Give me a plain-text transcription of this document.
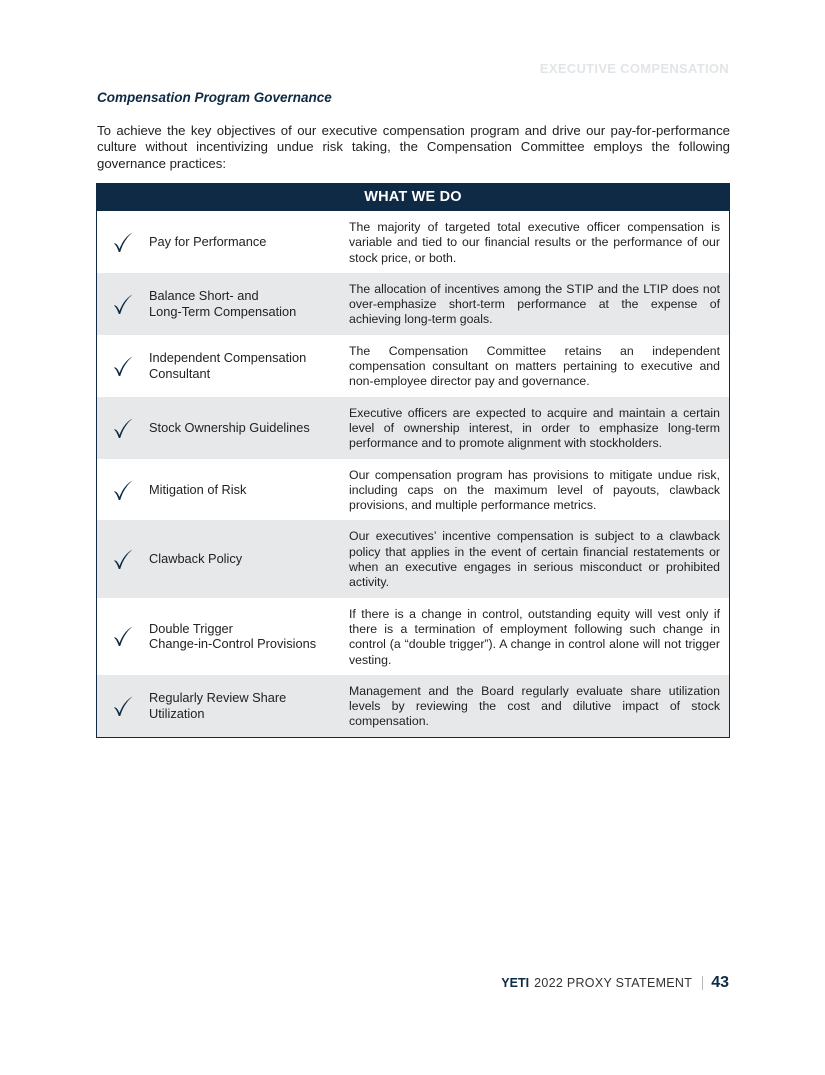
EXECUTIVE COMPENSATION
Compensation Program Governance
To achieve the key objectives of our executive compensation program and drive our pay-for-performance culture without incentivizing undue risk taking, the Compensation Committee employs the following governance practices:
WHAT WE DO
Pay for Performance
The majority of targeted total executive officer compensation is variable and tied to our financial results or the performance of our stock price, or both.
Balance Short- and
Long-Term Compensation
The allocation of incentives among the STIP and the LTIP does not over-emphasize short-term performance at the expense of achieving long-term goals.
Independent Compensation
Consultant
The Compensation Committee retains an independent compensation consultant on matters pertaining to executive and non-employee director pay and governance.
Stock Ownership Guidelines
Executive officers are expected to acquire and maintain a certain level of ownership interest, in order to emphasize long-term performance and to promote alignment with stockholders.
Mitigation of Risk
Our compensation program has provisions to mitigate undue risk, including caps on the maximum level of payouts, clawback provisions, and multiple performance metrics.
Clawback Policy
Our executives’ incentive compensation is subject to a clawback policy that applies in the event of certain financial restatements or when an executive engages in serious misconduct or prohibited activity.
Double Trigger
Change-in-Control Provisions
If there is a change in control, outstanding equity will vest only if there is a termination of employment following such change in control (a “double trigger”). A change in control alone will not trigger vesting.
Regularly Review Share
Utilization
Management and the Board regularly evaluate share utilization levels by reviewing the cost and dilutive impact of stock compensation.
YETI 2022 PROXY STATEMENT 43
